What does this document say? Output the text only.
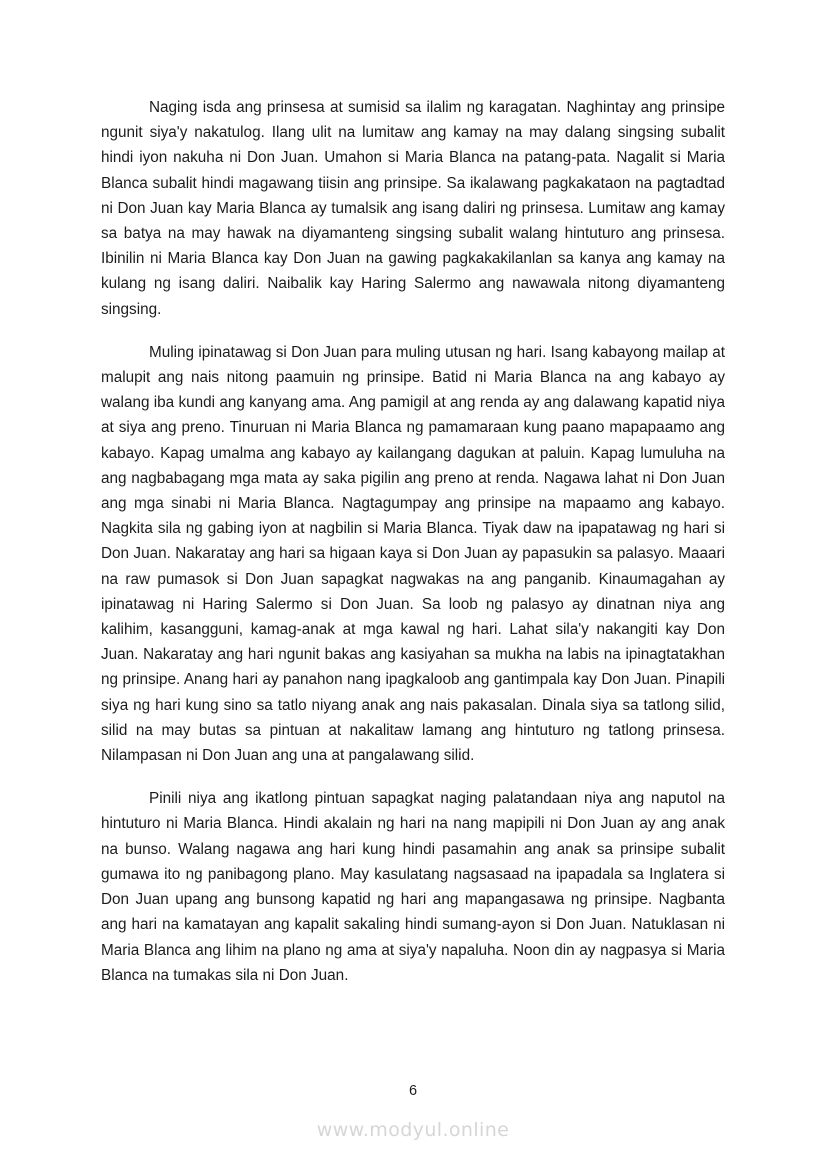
Naging isda ang prinsesa at sumisid sa ilalim ng karagatan. Naghintay ang prinsipe ngunit siya'y nakatulog. Ilang ulit na lumitaw ang kamay na may dalang singsing subalit hindi iyon nakuha ni Don Juan. Umahon si Maria Blanca na patang-pata. Nagalit si Maria Blanca subalit hindi magawang tiisin ang prinsipe. Sa ikalawang pagkakataon na pagtadtad ni Don Juan kay Maria Blanca ay tumalsik ang isang daliri ng prinsesa. Lumitaw ang kamay sa batya na may hawak na diyamanteng singsing subalit walang hintuturo ang prinsesa. Ibinilin ni Maria Blanca kay Don Juan na gawing pagkakakilanlan sa kanya ang kamay na kulang ng isang daliri. Naibalik kay Haring Salermo ang nawawala nitong diyamanteng singsing.

Muling ipinatawag si Don Juan para muling utusan ng hari. Isang kabayong mailap at malupit ang nais nitong paamuin ng prinsipe. Batid ni Maria Blanca na ang kabayo ay walang iba kundi ang kanyang ama. Ang pamigil at ang renda ay ang dalawang kapatid niya at siya ang preno. Tinuruan ni Maria Blanca ng pamamaraan kung paano mapapaamo ang kabayo. Kapag umalma ang kabayo ay kailangang dagukan at paluin. Kapag lumuluha na ang nagbabagang mga mata ay saka pigilin ang preno at renda. Nagawa lahat ni Don Juan ang mga sinabi ni Maria Blanca. Nagtagumpay ang prinsipe na mapaamo ang kabayo. Nagkita sila ng gabing iyon at nagbilin si Maria Blanca. Tiyak daw na ipapatawag ng hari si Don Juan. Nakaratay ang hari sa higaan kaya si Don Juan ay papasukin sa palasyo. Maaari na raw pumasok si Don Juan sapagkat nagwakas na ang panganib. Kinaumagahan ay ipinatawag ni Haring Salermo si Don Juan. Sa loob ng palasyo ay dinatnan niya ang kalihim, kasangguni, kamag-anak at mga kawal ng hari. Lahat sila'y nakangiti kay Don Juan. Nakaratay ang hari ngunit bakas ang kasiyahan sa mukha na labis na ipinagtatakhan ng prinsipe. Anang hari ay panahon nang ipagkaloob ang gantimpala kay Don Juan. Pinapili siya ng hari kung sino sa tatlo niyang anak ang nais pakasalan. Dinala siya sa tatlong silid, silid na may butas sa pintuan at nakalitaw lamang ang hintuturo ng tatlong prinsesa. Nilampasan ni Don Juan ang una at pangalawang silid.

Pinili niya ang ikatlong pintuan sapagkat naging palatandaan niya ang naputol na hintuturo ni Maria Blanca. Hindi akalain ng hari na nang mapipili ni Don Juan ay ang anak na bunso. Walang nagawa ang hari kung hindi pasamahin ang anak sa prinsipe subalit gumawa ito ng panibagong plano. May kasulatang nagsasaad na ipapadala sa Inglatera si Don Juan upang ang bunsong kapatid ng hari ang mapangasawa ng prinsipe. Nagbanta ang hari na kamatayan ang kapalit sakaling hindi sumang-ayon si Don Juan. Natuklasan ni Maria Blanca ang lihim na plano ng ama at siya'y napaluha. Noon din ay nagpasya si Maria Blanca na tumakas sila ni Don Juan.

6
www.modyul.online
